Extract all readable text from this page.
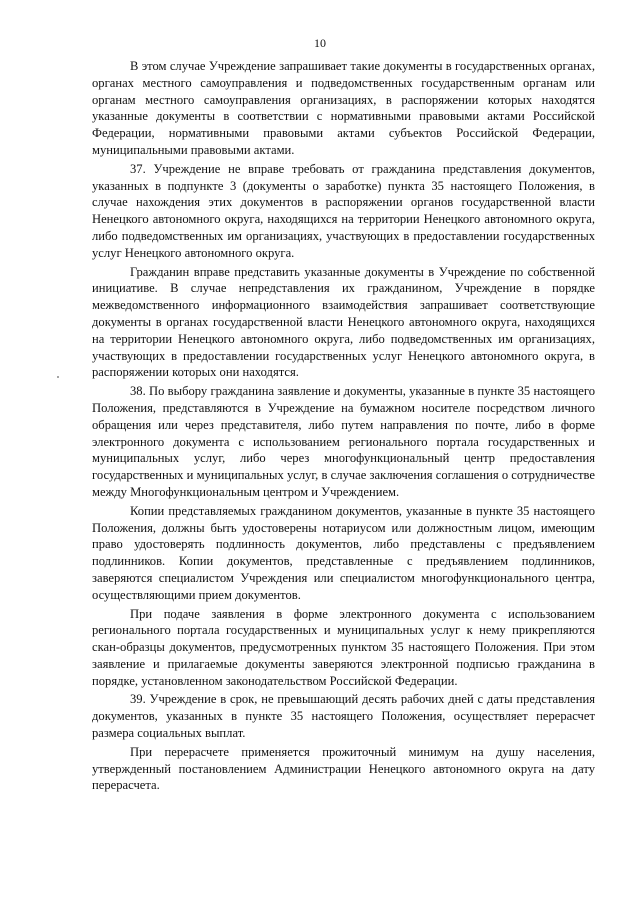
10

В этом случае Учреждение запрашивает такие документы в государственных органах, органах местного самоуправления и подведомственных государственным органам или органам местного самоуправления организациях, в распоряжении которых находятся указанные документы в соответствии с нормативными правовыми актами Российской Федерации, нормативными правовыми актами субъектов Российской Федерации, муниципальными правовыми актами.

37. Учреждение не вправе требовать от гражданина представления документов, указанных в подпункте 3 (документы о заработке) пункта 35 настоящего Положения, в случае нахождения этих документов в распоряжении органов государственной власти Ненецкого автономного округа, находящихся на территории Ненецкого автономного округа, либо подведомственных им организациях, участвующих в предоставлении государственных услуг Ненецкого автономного округа.

Гражданин вправе представить указанные документы в Учреждение по собственной инициативе. В случае непредставления их гражданином, Учреждение в порядке межведомственного информационного взаимодействия запрашивает соответствующие документы в органах государственной власти Ненецкого автономного округа, находящихся на территории Ненецкого автономного округа, либо подведомственных им организациях, участвующих в предоставлении государственных услуг Ненецкого автономного округа, в распоряжении которых они находятся.

38. По выбору гражданина заявление и документы, указанные в пункте 35 настоящего Положения, представляются в Учреждение на бумажном носителе посредством личного обращения или через представителя, либо путем направления по почте, либо в форме электронного документа с использованием регионального портала государственных и муниципальных услуг, либо через многофункциональный центр предоставления государственных и муниципальных услуг, в случае заключения соглашения о сотрудничестве между Многофункциональным центром и Учреждением.

Копии представляемых гражданином документов, указанные в пункте 35 настоящего Положения, должны быть удостоверены нотариусом или должностным лицом, имеющим право удостоверять подлинность документов, либо представлены с предъявлением подлинников. Копии документов, представленные с предъявлением подлинников, заверяются специалистом Учреждения или специалистом многофункционального центра, осуществляющими прием документов.

При подаче заявления в форме электронного документа с использованием регионального портала государственных и муниципальных услуг к нему прикрепляются скан-образцы документов, предусмотренных пунктом 35 настоящего Положения. При этом заявление и прилагаемые документы заверяются электронной подписью гражданина в порядке, установленном законодательством Российской Федерации.

39. Учреждение в срок, не превышающий десять рабочих дней с даты представления документов, указанных в пункте 35 настоящего Положения, осуществляет перерасчет размера социальных выплат.

При перерасчете применяется прожиточный минимум на душу населения, утвержденный постановлением Администрации Ненецкого автономного округа на дату перерасчета.
